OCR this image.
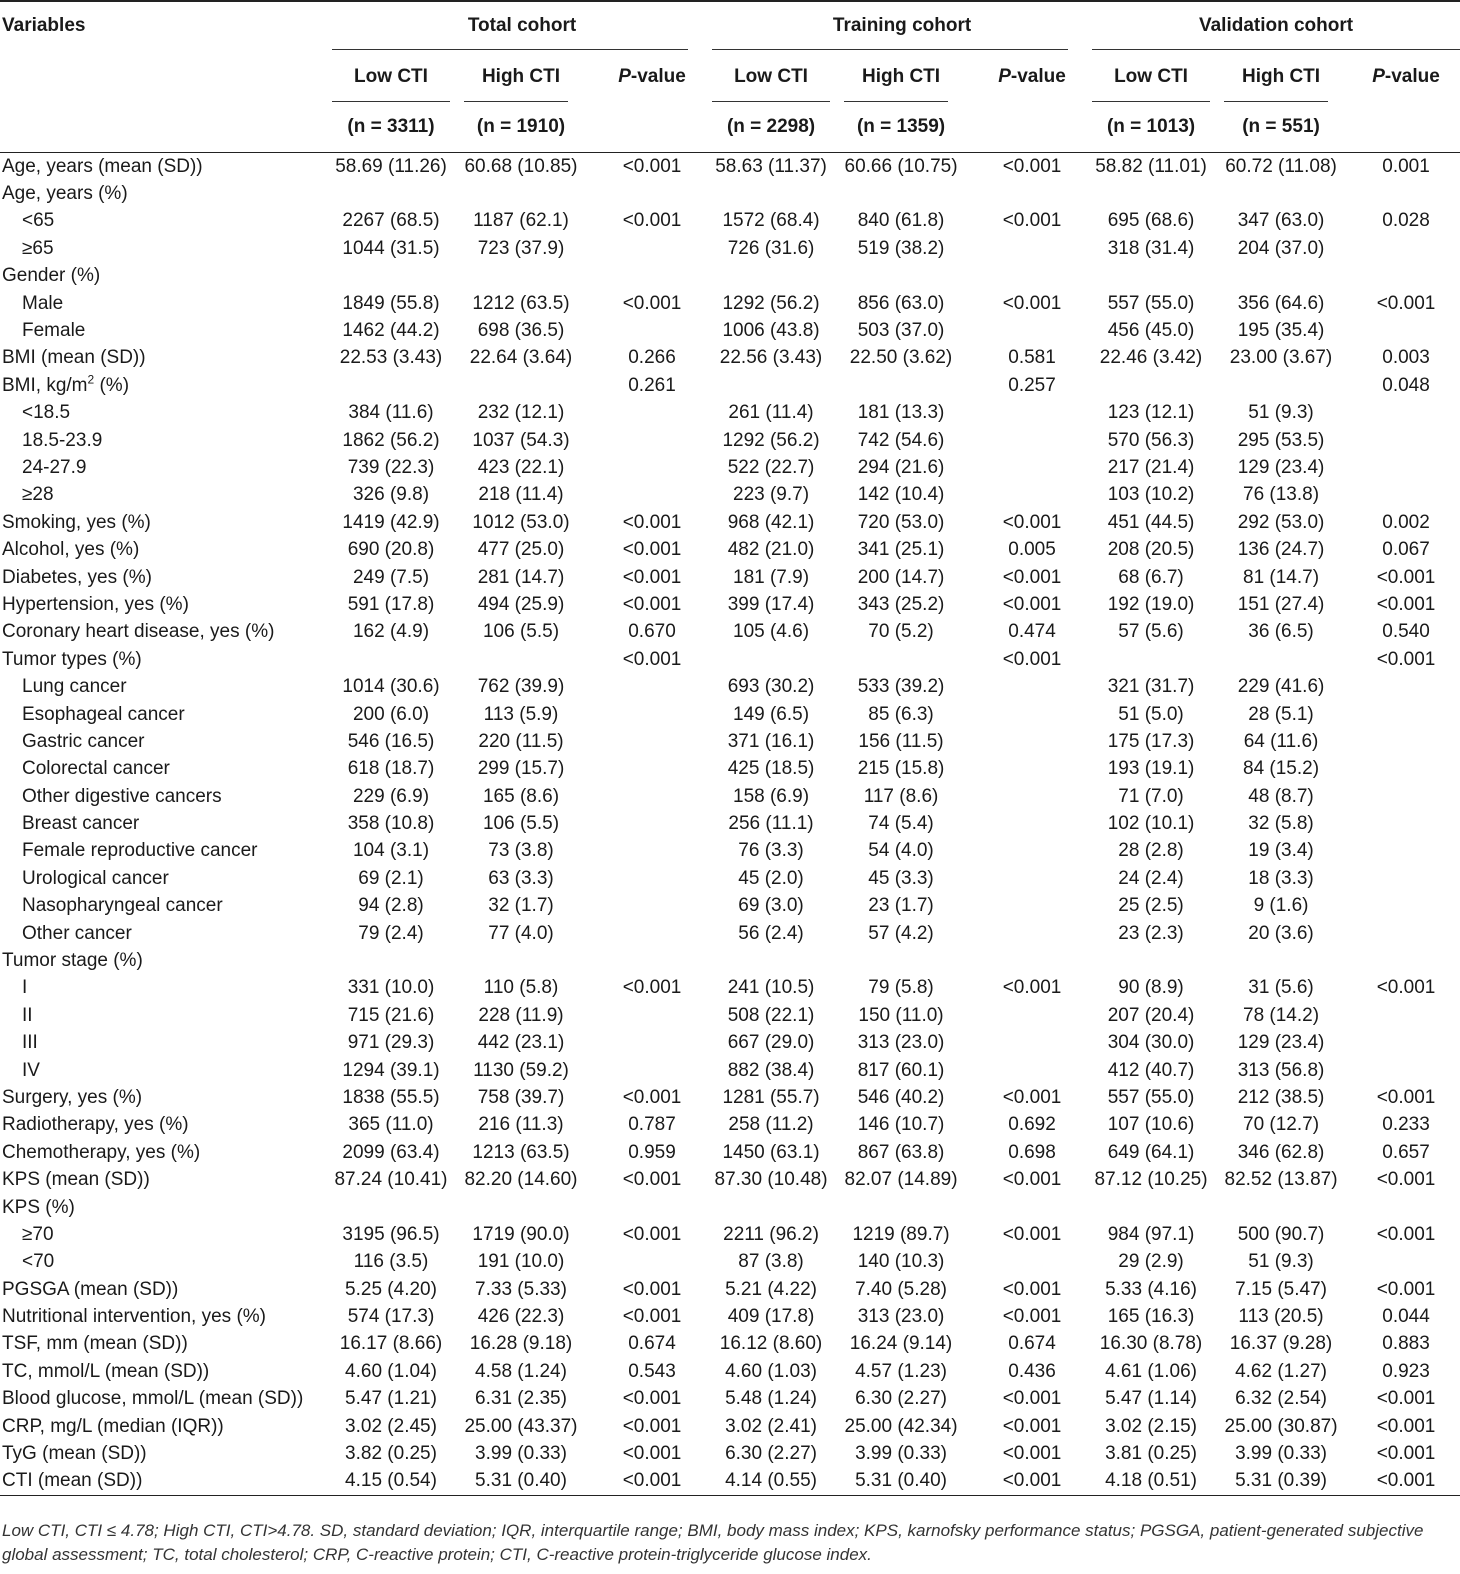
Variables	Total cohort			Training cohort			Validation cohort		

	Low CTI	High CTI	P-value	Low CTI	High CTI	P-value	Low CTI	High CTI	P-value
	(n = 3311)	(n = 1910)		(n = 2298)	(n = 1359)		(n = 1013)	(n = 551)	
Age, years (mean (SD))	58.69 (11.26)	60.68 (10.85)	<0.001	58.63 (11.37)	60.66 (10.75)	<0.001	58.82 (11.01)	60.72 (11.08)	0.001
Age, years (%)									
<65	2267 (68.5)	1187 (62.1)	<0.001	1572 (68.4)	840 (61.8)	<0.001	695 (68.6)	347 (63.0)	0.028
≥65	1044 (31.5)	723 (37.9)		726 (31.6)	519 (38.2)		318 (31.4)	204 (37.0)	
Gender (%)									
Male	1849 (55.8)	1212 (63.5)	<0.001	1292 (56.2)	856 (63.0)	<0.001	557 (55.0)	356 (64.6)	<0.001
Female	1462 (44.2)	698 (36.5)		1006 (43.8)	503 (37.0)		456 (45.0)	195 (35.4)	
BMI (mean (SD))	22.53 (3.43)	22.64 (3.64)	0.266	22.56 (3.43)	22.50 (3.62)	0.581	22.46 (3.42)	23.00 (3.67)	0.003
BMI, $kg/m^2$ (%)			0.261			0.257			0.048
<18.5	384 (11.6)	232 (12.1)		261 (11.4)	181 (13.3)		123 (12.1)	51 (9.3)	
18.5-23.9	1862 (56.2)	1037 (54.3)		1292 (56.2)	742 (54.6)		570 (56.3)	295 (53.5)	
24-27.9	739 (22.3)	423 (22.1)		522 (22.7)	294 (21.6)		217 (21.4)	129 (23.4)	
≥28	326 (9.8)	218 (11.4)		223 (9.7)	142 (10.4)		103 (10.2)	76 (13.8)	
Smoking, yes (%)	1419 (42.9)	1012 (53.0)	<0.001	968 (42.1)	720 (53.0)	<0.001	451 (44.5)	292 (53.0)	0.002
Alcohol, yes (%)	690 (20.8)	477 (25.0)	<0.001	482 (21.0)	341 (25.1)	0.005	208 (20.5)	136 (24.7)	0.067
Diabetes, yes (%)	249 (7.5)	281 (14.7)	<0.001	181 (7.9)	200 (14.7)	<0.001	68 (6.7)	81 (14.7)	<0.001
Hypertension, yes (%)	591 (17.8)	494 (25.9)	<0.001	399 (17.4)	343 (25.2)	<0.001	192 (19.0)	151 (27.4)	<0.001
Coronary heart disease, yes (%)	162 (4.9)	106 (5.5)	0.670	105 (4.6)	70 (5.2)	0.474	57 (5.6)	36 (6.5)	0.540
Tumor types (%)			<0.001			<0.001			<0.001
Lung cancer	1014 (30.6)	762 (39.9)		693 (30.2)	533 (39.2)		321 (31.7)	229 (41.6)	
Esophageal cancer	200 (6.0)	113 (5.9)		149 (6.5)	85 (6.3)		51 (5.0)	28 (5.1)	
Gastric cancer	546 (16.5)	220 (11.5)		371 (16.1)	156 (11.5)		175 (17.3)	64 (11.6)	
Colorectal cancer	618 (18.7)	299 (15.7)		425 (18.5)	215 (15.8)		193 (19.1)	84 (15.2)	
Other digestive cancers	229 (6.9)	165 (8.6)		158 (6.9)	117 (8.6)		71 (7.0)	48 (8.7)	
Breast cancer	358 (10.8)	106 (5.5)		256 (11.1)	74 (5.4)		102 (10.1)	32 (5.8)	
Female reproductive cancer	104 (3.1)	73 (3.8)		76 (3.3)	54 (4.0)		28 (2.8)	19 (3.4)	
Urological cancer	69 (2.1)	63 (3.3)		45 (2.0)	45 (3.3)		24 (2.4)	18 (3.3)	
Nasopharyngeal cancer	94 (2.8)	32 (1.7)		69 (3.0)	23 (1.7)		25 (2.5)	9 (1.6)	
Other cancer	79 (2.4)	77 (4.0)		56 (2.4)	57 (4.2)		23 (2.3)	20 (3.6)	
Tumor stage (%)									
I	331 (10.0)	110 (5.8)	<0.001	241 (10.5)	79 (5.8)	<0.001	90 (8.9)	31 (5.6)	<0.001
II	715 (21.6)	228 (11.9)		508 (22.1)	150 (11.0)		207 (20.4)	78 (14.2)	
III	971 (29.3)	442 (23.1)		667 (29.0)	313 (23.0)		304 (30.0)	129 (23.4)	
IV	1294 (39.1)	1130 (59.2)		882 (38.4)	817 (60.1)		412 (40.7)	313 (56.8)	
Surgery, yes (%)	1838 (55.5)	758 (39.7)	<0.001	1281 (55.7)	546 (40.2)	<0.001	557 (55.0)	212 (38.5)	<0.001
Radiotherapy, yes (%)	365 (11.0)	216 (11.3)	0.787	258 (11.2)	146 (10.7)	0.692	107 (10.6)	70 (12.7)	0.233
Chemotherapy, yes (%)	2099 (63.4)	1213 (63.5)	0.959	1450 (63.1)	867 (63.8)	0.698	649 (64.1)	346 (62.8)	0.657
KPS (mean (SD))	87.24 (10.41)	82.20 (14.60)	<0.001	87.30 (10.48)	82.07 (14.89)	<0.001	87.12 (10.25)	82.52 (13.87)	<0.001
KPS (%)									
≥70	3195 (96.5)	1719 (90.0)	<0.001	2211 (96.2)	1219 (89.7)	<0.001	984 (97.1)	500 (90.7)	<0.001
<70	116 (3.5)	191 (10.0)		87 (3.8)	140 (10.3)		29 (2.9)	51 (9.3)	
PGSGA (mean (SD))	5.25 (4.20)	7.33 (5.33)	<0.001	5.21 (4.22)	7.40 (5.28)	<0.001	5.33 (4.16)	7.15 (5.47)	<0.001
Nutritional intervention, yes (%)	574 (17.3)	426 (22.3)	<0.001	409 (17.8)	313 (23.0)	<0.001	165 (16.3)	113 (20.5)	0.044
TSF, mm (mean (SD))	16.17 (8.66)	16.28 (9.18)	0.674	16.12 (8.60)	16.24 (9.14)	0.674	16.30 (8.78)	16.37 (9.28)	0.883
TC, mmol/L (mean (SD))	4.60 (1.04)	4.58 (1.24)	0.543	4.60 (1.03)	4.57 (1.23)	0.436	4.61 (1.06)	4.62 (1.27)	0.923
Blood glucose, mmol/L (mean (SD))	5.47 (1.21)	6.31 (2.35)	<0.001	5.48 (1.24)	6.30 (2.27)	<0.001	5.47 (1.14)	6.32 (2.54)	<0.001
CRP, mg/L (median (IQR))	3.02 (2.45)	25.00 (43.37)	<0.001	3.02 (2.41)	25.00 (42.34)	<0.001	3.02 (2.15)	25.00 (30.87)	<0.001
TyG (mean (SD))	3.82 (0.25)	3.99 (0.33)	<0.001	6.30 (2.27)	3.99 (0.33)	<0.001	3.81 (0.25)	3.99 (0.33)	<0.001
CTI (mean (SD))	4.15 (0.54)	5.31 (0.40)	<0.001	4.14 (0.55)	5.31 (0.40)	<0.001	4.18 (0.51)	5.31 (0.39)	<0.001
Low CTI, CTI ≤ 4.78; High CTI, CTI>4.78. SD, standard deviation; IQR, interquartile range; BMI, body mass index; KPS, karnofsky performance status; PGSGA, patient-generated subjective global assessment; TC, total cholesterol; CRP, C-reactive protein; CTI, C-reactive protein-triglyceride glucose index.
